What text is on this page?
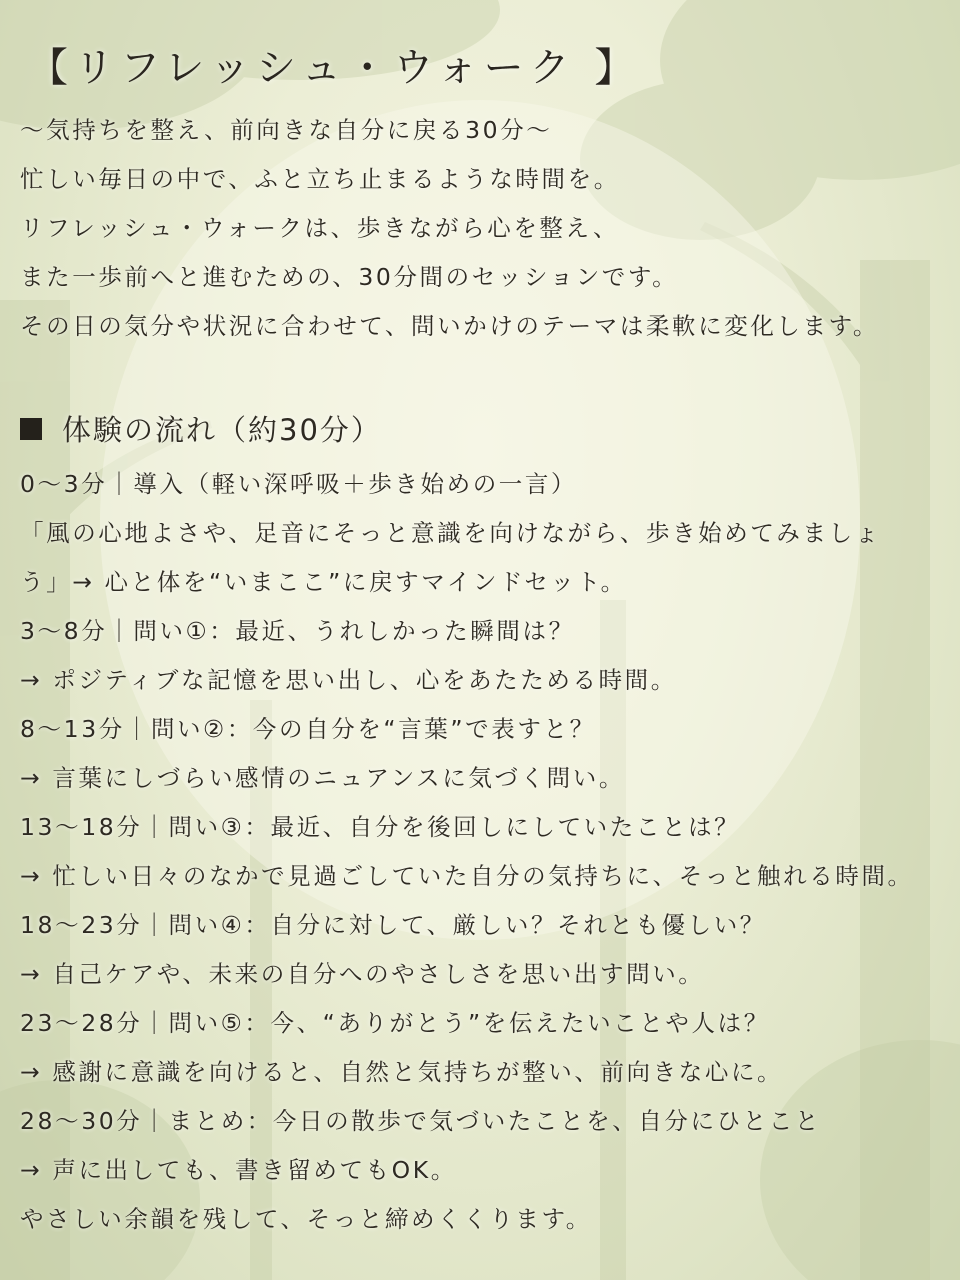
【リフレッシュ・ウォーク 】
〜気持ちを整え、前向きな自分に戻る30分〜
忙しい毎日の中で、ふと立ち止まるような時間を。
リフレッシュ・ウォークは、歩きながら心を整え、
また一歩前へと進むための、30分間のセッションです。
その日の気分や状況に合わせて、問いかけのテーマは柔軟に変化します。
体験の流れ（約30分）
0〜3分｜導入（軽い深呼吸＋歩き始めの一言）
「風の心地よさや、足音にそっと意識を向けながら、歩き始めてみましょ
う」→ 心と体を“いまここ”に戻すマインドセット。
3〜8分｜問い①：最近、うれしかった瞬間は？
→ ポジティブな記憶を思い出し、心をあたためる時間。
8〜13分｜問い②：今の自分を“言葉”で表すと？
→ 言葉にしづらい感情のニュアンスに気づく問い。
13〜18分｜問い③：最近、自分を後回しにしていたことは？
→ 忙しい日々のなかで見過ごしていた自分の気持ちに、そっと触れる時間。
18〜23分｜問い④：自分に対して、厳しい？それとも優しい？
→ 自己ケアや、未来の自分へのやさしさを思い出す問い。
23〜28分｜問い⑤：今、“ありがとう”を伝えたいことや人は？
→ 感謝に意識を向けると、自然と気持ちが整い、前向きな心に。
28〜30分｜まとめ：今日の散歩で気づいたことを、自分にひとこと
→ 声に出しても、書き留めてもOK。
やさしい余韻を残して、そっと締めくくります。
